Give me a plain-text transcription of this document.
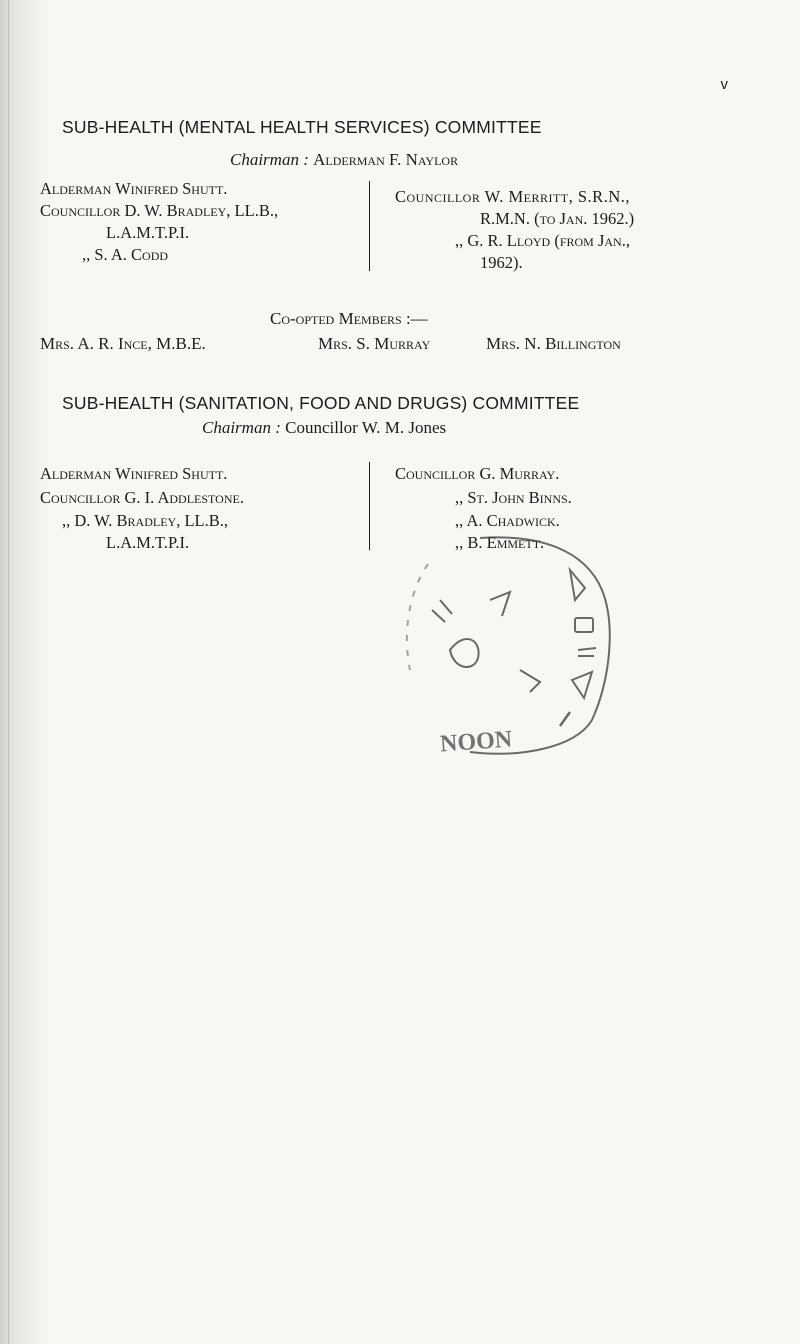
v
SUB-HEALTH (MENTAL HEALTH SERVICES) COMMITTEE
Chairman : Alderman F. Naylor
Alderman Winifred Shutt.
Councillor D. W. Bradley, LL.B.,
L.A.M.T.P.I.
,, S. A. Codd
Councillor W. Merritt, S.R.N.,
R.M.N. (to Jan. 1962.)
,, G. R. Lloyd (from Jan.,
1962).
Co-opted Members :—
Mrs. A. R. Ince, M.B.E.	Mrs. S. Murray	Mrs. N. Billington
SUB-HEALTH (SANITATION, FOOD AND DRUGS) COMMITTEE
Chairman : Councillor W. M. Jones
Alderman Winifred Shutt.
Councillor G. I. Addlestone.
,, D. W. Bradley, LL.B.,
L.A.M.T.P.I.
Councillor G. Murray.
,, St. John Binns.
,, A. Chadwick.
,, B. Emmett.
NOON
